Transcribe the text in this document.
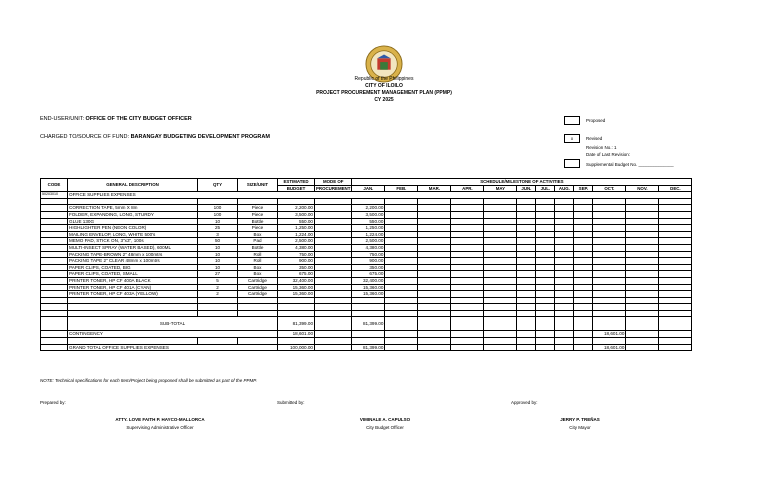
Republic of the Philippines
CITY OF ILOILO
PROJECT PROCUREMENT MANAGEMENT PLAN (PPMP)
CY 2025
END-USER/UNIT: OFFICE OF THE CITY BUDGET OFFICER
CHARGED TO/SOURCE OF FUND: BARANGAY BUDGETING DEVELOPMENT PROGRAM
Proposed
x	Revised
Revision No.: 1
Date of Last Revision:
Supplemental Budget No. ______________
CODE	GENERAL DESCRIPTION	QTY	SIZE/UNIT	ESTIMATED	MODE OF	SCHEDULE/MILESTONE OF ACTIVITIES											
				BUDGET	PROCUREMENT	JAN.	FEB.	MAR.	APR.	MAY	JUN.	JUL.	AUG.	SEP.	OCT.	NOV.	DEC.
50203010	OFFICE SUPPLIES EXPENSES																

	CORRECTION TAPE, 5mm X 8m	100	Piece	2,200.00		2,200.00											
	FOLDER, EXPANDING, LONG, STURDY	100	Piece	3,500.00		3,500.00											
	GLUE 130G	10	Bottle	550.00		550.00											
	HIGHLIGHTER PEN (NEON COLOR)	25	Piece	1,250.00		1,250.00											
	MAILING ENVELOP, LONG, WHITE 500's	3	Box	1,224.00		1,224.00											
	MEMO PAD, STICK ON, 3"x3", 100s	50	Pad	2,500.00		2,500.00											
	MULTI-INSECT SPRAY (WATER BASED), 600ML	10	Bottle	4,380.00		4,380.00											
	PACKING TAPE-BROWN 2" 48mm x 100mtrs	10	Roll	750.00		750.00											
	PACKING TAPE 2" CLEAR 48mm x 100mtrs	10	Roll	900.00		900.00											
	PAPER CLIPS, COATED, BIG	10	Box	350.00		350.00											
	PAPER CLIPS, COATED, SMALL	27	Box	675.00		675.00											
	PRINTER TONER, HP CF 400A BLACK	5	Cartridge	32,400.00		32,400.00											
	PRINTER TONER, HP CF 401A (CYAN)	2	Cartridge	15,360.00		15,360.00											
	PRINTER TONER, HP CF 403A (YELLOW)	2	Cartridge	15,360.00		15,360.00											

	SUB-TOTAL			81,399.00		81,399.00											
	CONTINGENCY			18,601.00											18,601.00		

	GRAND TOTAL OFFICE SUPPLIES EXPENSES			100,000.00		81,399.00									18,601.00		
NOTE: Technical specifications for each Item/Project being proposed shall be submitted as part of the PPMP.
Prepared by:	Submitted by:	Approved by:
ATTY. LOVE FAITH P. HAYCO-MALLORCA
Supervising Administrative Officer
VIMINALE A. CAPULSO
City Budget Officer
JERRY P. TREÑAS
City Mayor
